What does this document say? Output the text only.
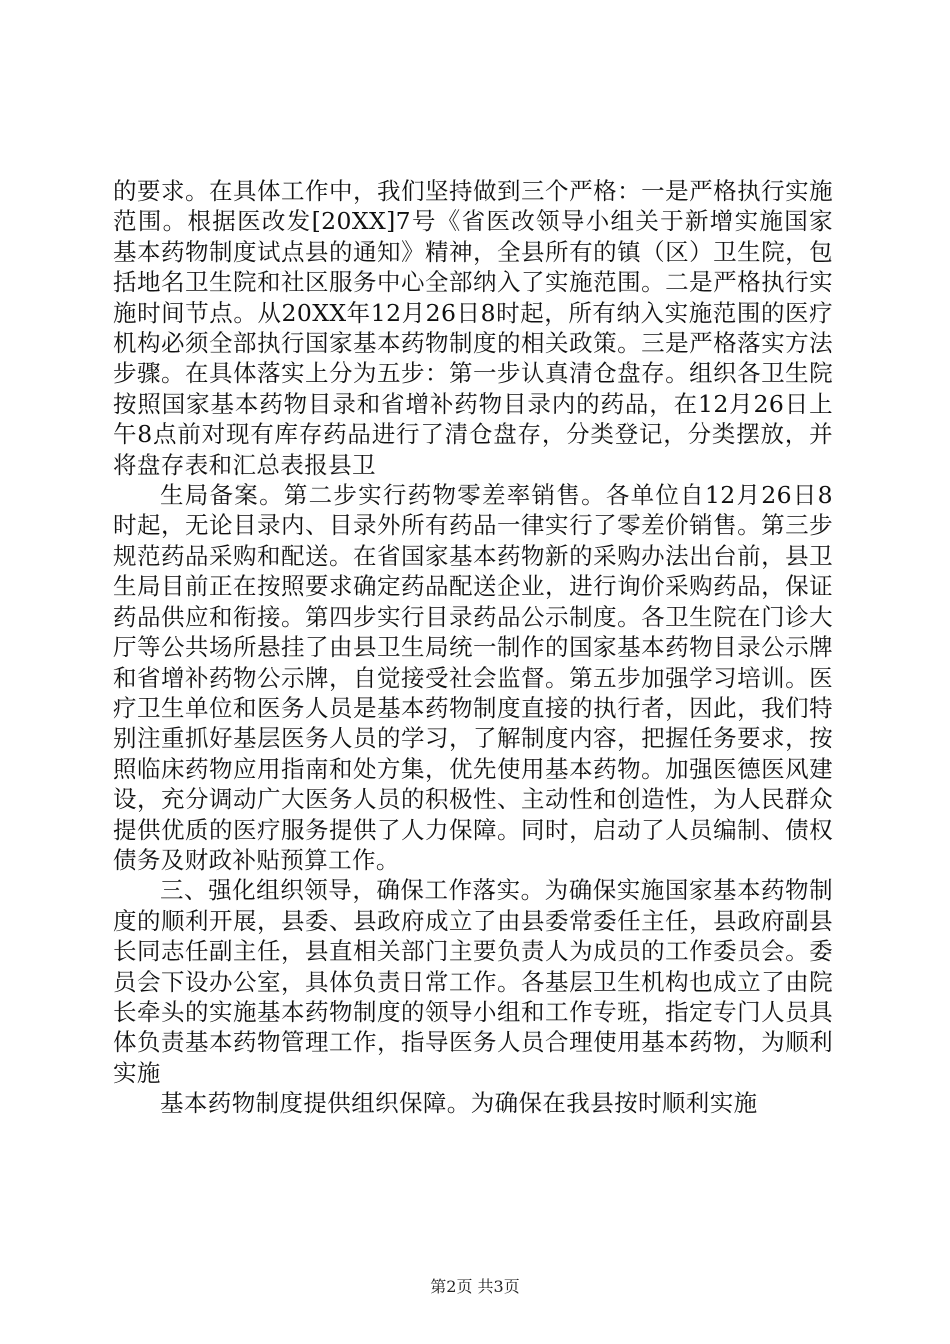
的要求。在具体工作中，我们坚持做到三个严格：一是严格执行实施范围。根据医改发[20XX]7号《省医改领导小组关于新增实施国家基本药物制度试点县的通知》精神，全县所有的镇（区）卫生院，包括地名卫生院和社区服务中心全部纳入了实施范围。二是严格执行实施时间节点。从20XX年12月26日8时起，所有纳入实施范围的医疗机构必须全部执行国家基本药物制度的相关政策。三是严格落实方法步骤。在具体落实上分为五步：第一步认真清仓盘存。组织各卫生院按照国家基本药物目录和省增补药物目录内的药品，在12月26日上午8点前对现有库存药品进行了清仓盘存，分类登记，分类摆放，并将盘存表和汇总表报县卫

生局备案。第二步实行药物零差率销售。各单位自12月26日8时起，无论目录内、目录外所有药品一律实行了零差价销售。第三步规范药品采购和配送。在省国家基本药物新的采购办法出台前，县卫生局目前正在按照要求确定药品配送企业，进行询价采购药品，保证药品供应和衔接。第四步实行目录药品公示制度。各卫生院在门诊大厅等公共场所悬挂了由县卫生局统一制作的国家基本药物目录公示牌和省增补药物公示牌，自觉接受社会监督。第五步加强学习培训。医疗卫生单位和医务人员是基本药物制度直接的执行者，因此，我们特别注重抓好基层医务人员的学习，了解制度内容，把握任务要求，按照临床药物应用指南和处方集，优先使用基本药物。加强医德医风建设，充分调动广大医务人员的积极性、主动性和创造性，为人民群众提供优质的医疗服务提供了人力保障。同时，启动了人员编制、债权债务及财政补贴预算工作。

三、强化组织领导，确保工作落实。为确保实施国家基本药物制度的顺利开展，县委、县政府成立了由县委常委任主任，县政府副县长同志任副主任，县直相关部门主要负责人为成员的工作委员会。委员会下设办公室，具体负责日常工作。各基层卫生机构也成立了由院长牵头的实施基本药物制度的领导小组和工作专班，指定专门人员具体负责基本药物管理工作，指导医务人员合理使用基本药物，为顺利实施

基本药物制度提供组织保障。为确保在我县按时顺利实施

第2页 共3页
